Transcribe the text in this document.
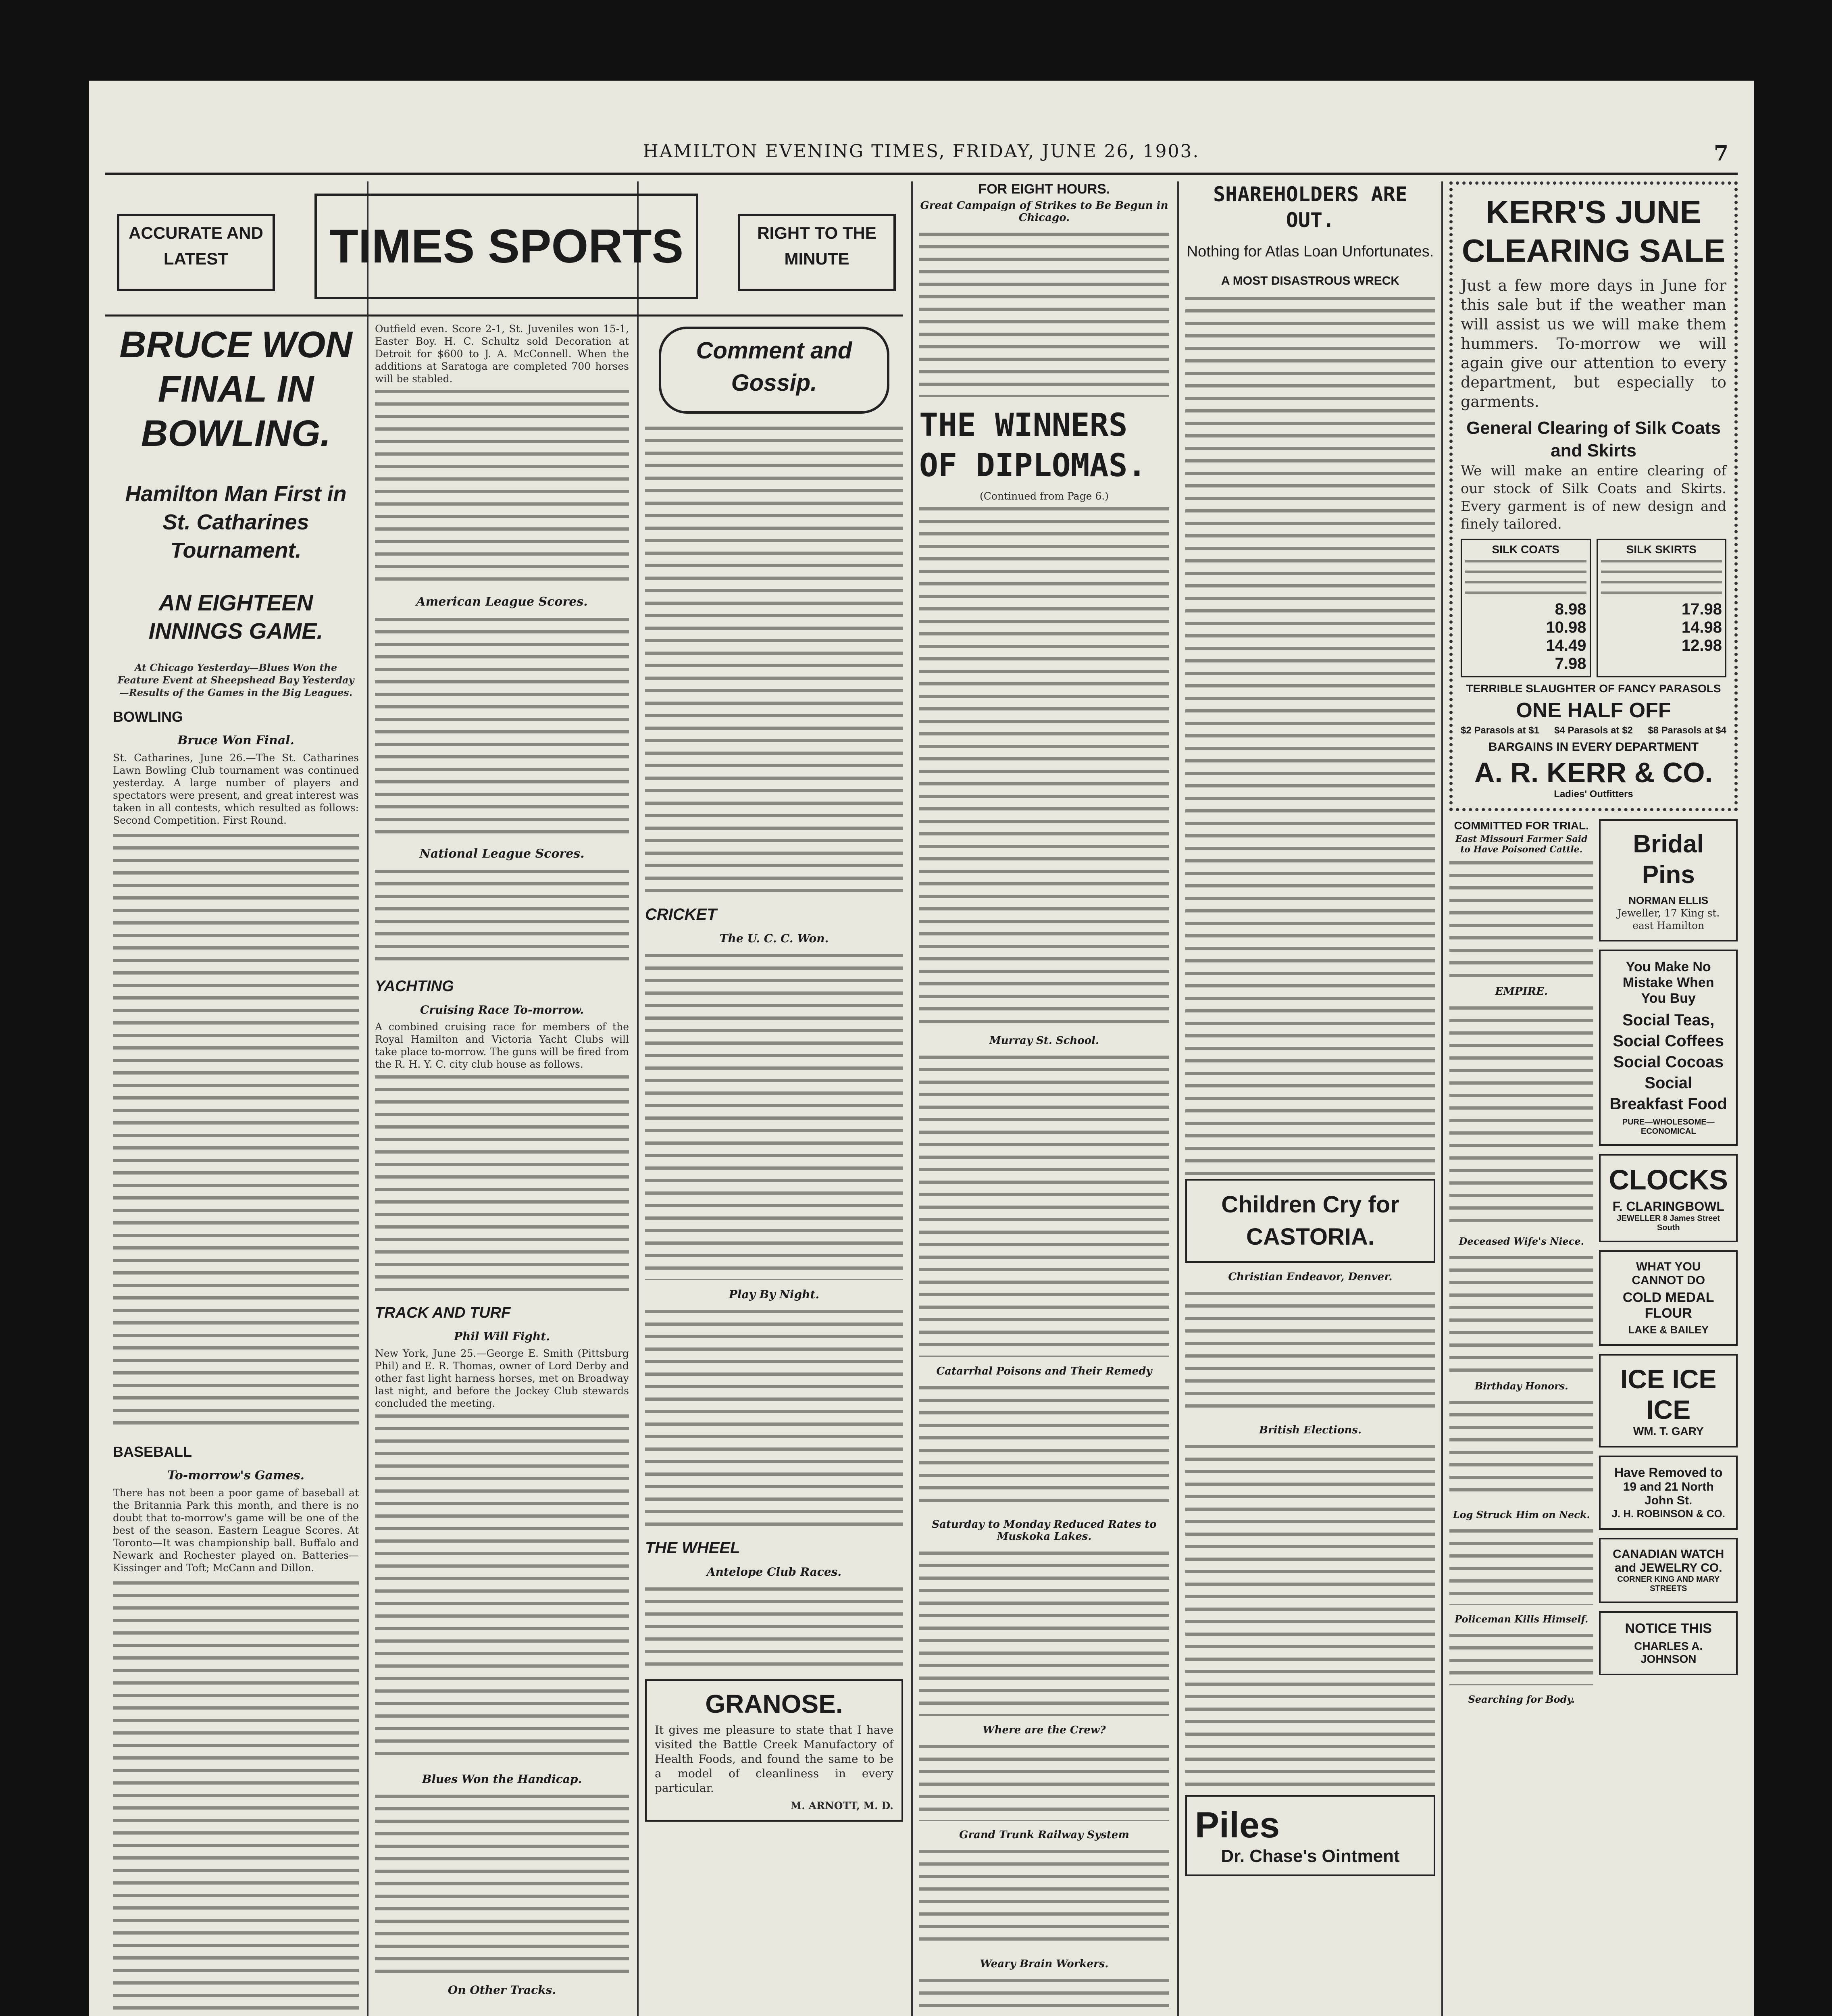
HAMILTON EVENING TIMES, FRIDAY, JUNE 26, 1903.	7
ACCURATE AND LATEST	TIMES SPORTS	RIGHT TO THE MINUTE
BRUCE WON FINAL IN BOWLING.
Hamilton Man First in St. Catharines Tournament.
AN EIGHTEEN INNINGS GAME.
At Chicago Yesterday—Blues Won the Feature Event at Sheepshead Bay Yesterday—Results of the Games in the Big Leagues.
BOWLING
Bruce Won Final.
St. Catharines, June 26.—The St. Catharines Lawn Bowling Club tournament was continued yesterday. A large number of players and spectators were present, and great interest was taken in all contests, which resulted as follows: Second Competition. First Round.
BASEBALL
To-morrow's Games.
There has not been a poor game of baseball at the Britannia Park this month, and there is no doubt that to-morrow's game will be one of the best of the season. Eastern League Scores. At Toronto—It was championship ball. Buffalo and Newark and Rochester played on. Batteries—Kissinger and Toft; McCann and Dillon.
Outfield even. Score 2-1, St. Juveniles won 15-1, Easter Boy. H. C. Schultz sold Decoration at Detroit for $600 to J. A. McConnell. When the additions at Saratoga are completed 700 horses will be stabled.
American League Scores.
National League Scores.
YACHTING
Cruising Race To-morrow.
A combined cruising race for members of the Royal Hamilton and Victoria Yacht Clubs will take place to-morrow. The guns will be fired from the R. H. Y. C. city club house as follows.
TRACK AND TURF
Phil Will Fight.
New York, June 25.—George E. Smith (Pittsburg Phil) and E. R. Thomas, owner of Lord Derby and other fast light harness horses, met on Broadway last night, and before the Jockey Club stewards concluded the meeting.
Blues Won the Handicap.
On Other Tracks.
Comment and Gossip.
CRICKET
The U. C. C. Won.
Play By Night.
THE WHEEL
Antelope Club Races.
GRANOSE.
It gives me pleasure to state that I have visited the Battle Creek Manufactory of Health Foods, and found the same to be a model of cleanliness in every particular.
M. ARNOTT, M. D.
FOR EIGHT HOURS.
Great Campaign of Strikes to Be Begun in Chicago.
THE WINNERS OF DIPLOMAS.
(Continued from Page 6.)
Murray St. School.
Catarrhal Poisons and Their Remedy
Saturday to Monday Reduced Rates to Muskoka Lakes.
Where are the Crew?
Grand Trunk Railway System
Weary Brain Workers.
SHAREHOLDERS ARE OUT.
Nothing for Atlas Loan Unfortunates.
A MOST DISASTROUS WRECK
Children Cry for CASTORIA.
Christian Endeavor, Denver.
British Elections.
Piles
Dr. Chase's Ointment
KERR'S JUNE CLEARING SALE
Just a few more days in June for this sale but if the weather man will assist us we will make them hummers. To-morrow we will again give our attention to every department, but especially to garments.
General Clearing of Silk Coats and Skirts
We will make an entire clearing of our stock of Silk Coats and Skirts. Every garment is of new design and finely tailored.
SILK COATS
8.98
10.98
14.49
7.98
SILK SKIRTS
17.98
14.98
12.98
TERRIBLE SLAUGHTER OF FANCY PARASOLS
ONE HALF OFF
$2 Parasols at $1 $4 Parasols at $2 $8 Parasols at $4
BARGAINS IN EVERY DEPARTMENT
A. R. KERR & CO. Ladies' Outfitters
COMMITTED FOR TRIAL.
East Missouri Farmer Said to Have Poisoned Cattle.
EMPIRE.
Deceased Wife's Niece.
Birthday Honors.
Log Struck Him on Neck.
Policeman Kills Himself.
Searching for Body.
Bridal Pins
NORMAN ELLIS
Jeweller, 17 King st. east Hamilton
You Make No Mistake When You Buy
Social Teas, Social Coffees Social Cocoas Social Breakfast Food
PURE—WHOLESOME—ECONOMICAL
CLOCKS
F. CLARINGBOWL
JEWELLER 8 James Street South
WHAT YOU CANNOT DO
COLD MEDAL FLOUR
LAKE & BAILEY
ICE ICE ICE
WM. T. GARY
Have Removed to
19 and 21 North John St.
J. H. ROBINSON & CO.
CANADIAN WATCH and JEWELRY CO.
CORNER KING AND MARY STREETS
NOTICE THIS
CHARLES A. JOHNSON
